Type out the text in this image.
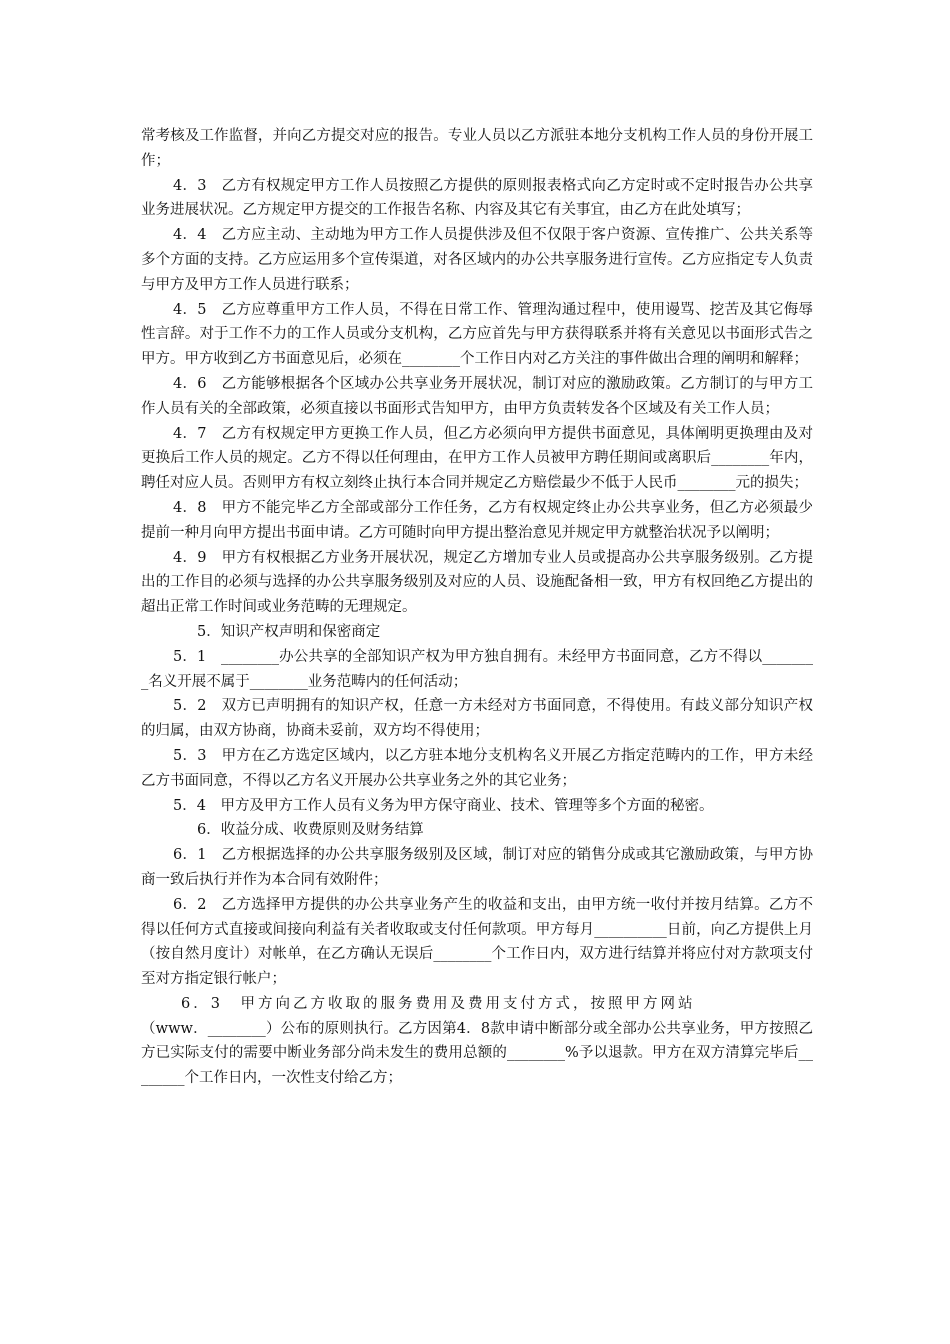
常考核及工作监督，并向乙方提交对应的报告。专业人员以乙方派驻本地分支机构工作人员的身份开展工作；

4．3　乙方有权规定甲方工作人员按照乙方提供的原则报表格式向乙方定时或不定时报告办公共享业务进展状况。乙方规定甲方提交的工作报告名称、内容及其它有关事宜，由乙方在此处填写；

4．4　乙方应主动、主动地为甲方工作人员提供涉及但不仅限于客户资源、宣传推广、公共关系等多个方面的支持。乙方应运用多个宣传渠道，对各区域内的办公共享服务进行宣传。乙方应指定专人负责与甲方及甲方工作人员进行联系；

4．5　乙方应尊重甲方工作人员，不得在日常工作、管理沟通过程中，使用谩骂、挖苦及其它侮辱性言辞。对于工作不力的工作人员或分支机构，乙方应首先与甲方获得联系并将有关意见以书面形式告之甲方。甲方收到乙方书面意见后，必须在________个工作日内对乙方关注的事件做出合理的阐明和解释；

4．6　乙方能够根据各个区域办公共享业务开展状况，制订对应的激励政策。乙方制订的与甲方工作人员有关的全部政策，必须直接以书面形式告知甲方，由甲方负责转发各个区域及有关工作人员；

4．7　乙方有权规定甲方更换工作人员，但乙方必须向甲方提供书面意见，具体阐明更换理由及对更换后工作人员的规定。乙方不得以任何理由，在甲方工作人员被甲方聘任期间或离职后________年内，聘任对应人员。否则甲方有权立刻终止执行本合同并规定乙方赔偿最少不低于人民币________元的损失；

4．8　甲方不能完毕乙方全部或部分工作任务，乙方有权规定终止办公共享业务，但乙方必须最少提前一种月向甲方提出书面申请。乙方可随时向甲方提出整治意见并规定甲方就整治状况予以阐明；

4．9　甲方有权根据乙方业务开展状况，规定乙方增加专业人员或提高办公共享服务级别。乙方提出的工作目的必须与选择的办公共享服务级别及对应的人员、设施配备相一致，甲方有权回绝乙方提出的超出正常工作时间或业务范畴的无理规定。

5．知识产权声明和保密商定

5．1　________办公共享的全部知识产权为甲方独自拥有。未经甲方书面同意，乙方不得以________名义开展不属于________业务范畴内的任何活动；

5．2　双方已声明拥有的知识产权，任意一方未经对方书面同意，不得使用。有歧义部分知识产权的归属，由双方协商，协商未妥前，双方均不得使用；

5．3　甲方在乙方选定区域内，以乙方驻本地分支机构名义开展乙方指定范畴内的工作，甲方未经乙方书面同意，不得以乙方名义开展办公共享业务之外的其它业务；

5．4　甲方及甲方工作人员有义务为甲方保守商业、技术、管理等多个方面的秘密。

6．收益分成、收费原则及财务结算

6．1　乙方根据选择的办公共享服务级别及区域，制订对应的销售分成或其它激励政策，与甲方协商一致后执行并作为本合同有效附件；

6．2　乙方选择甲方提供的办公共享业务产生的收益和支出，由甲方统一收付并按月结算。乙方不得以任何方式直接或间接向利益有关者收取或支付任何款项。甲方每月__________日前，向乙方提供上月（按自然月度计）对帐单，在乙方确认无误后________个工作日内，双方进行结算并将应付对方款项支付至对方指定银行帐户；

6．3　甲方向乙方收取的服务费用及费用支付方式，按照甲方网站

（www．________）公布的原则执行。乙方因第4．8款申请中断部分或全部办公共享业务，甲方按照乙方已实际支付的需要中断业务部分尚未发生的费用总额的________%予以退款。甲方在双方清算完毕后________个工作日内，一次性支付给乙方；
